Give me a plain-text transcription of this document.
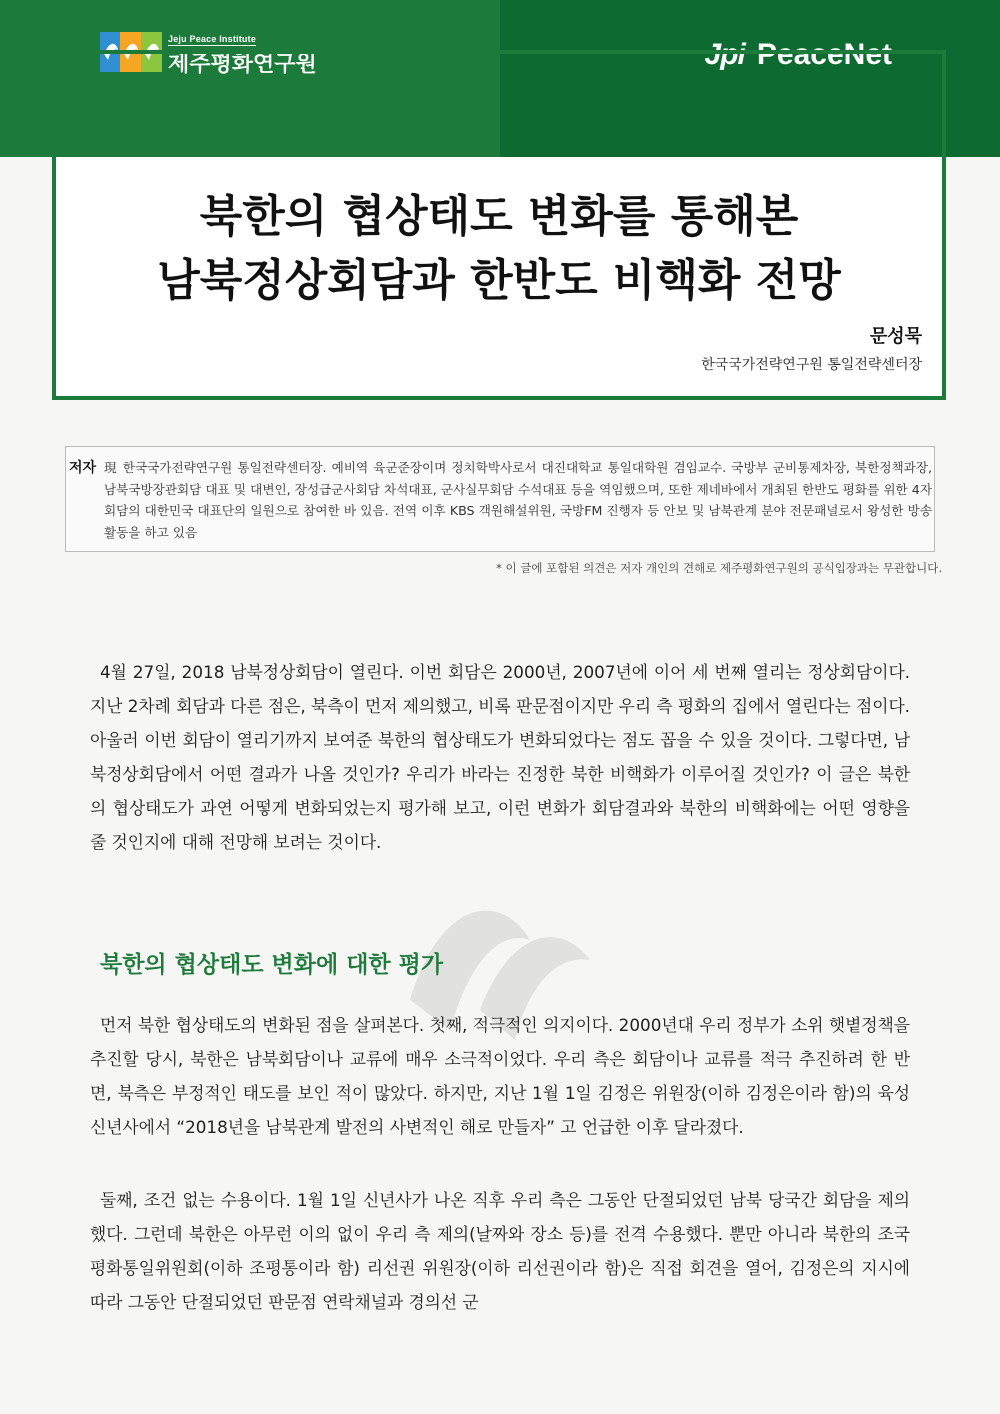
Jeju Peace Institute
제주평화연구원	Jpi PeaceNet
북한의 협상태도 변화를 통해본
남북정상회담과 한반도 비핵화 전망
문성묵
한국국가전략연구원 통일전략센터장
저자 現 한국국가전략연구원 통일전략센터장. 예비역 육군준장이며 정치학박사로서 대진대학교 통일대학원 겸임교수. 국방부 군비통제차장, 북한정책과장, 남북국방장관회담 대표 및 대변인, 장성급군사회담 차석대표, 군사실무회담 수석대표 등을 역임했으며, 또한 제네바에서 개최된 한반도 평화를 위한 4자회담의 대한민국 대표단의 일원으로 참여한 바 있음. 전역 이후 KBS 객원해설위원, 국방FM 진행자 등 안보 및 남북관계 분야 전문패널로서 왕성한 방송활동을 하고 있음
* 이 글에 포함된 의견은 저자 개인의 견해로 제주평화연구원의 공식입장과는 무관합니다.
4월 27일, 2018 남북정상회담이 열린다. 이번 회담은 2000년, 2007년에 이어 세 번째 열리는 정상회담이다. 지난 2차례 회담과 다른 점은, 북측이 먼저 제의했고, 비록 판문점이지만 우리 측 평화의 집에서 열린다는 점이다. 아울러 이번 회담이 열리기까지 보여준 북한의 협상태도가 변화되었다는 점도 꼽을 수 있을 것이다. 그렇다면, 남북정상회담에서 어떤 결과가 나올 것인가? 우리가 바라는 진정한 북한 비핵화가 이루어질 것인가? 이 글은 북한의 협상태도가 과연 어떻게 변화되었는지 평가해 보고, 이런 변화가 회담결과와 북한의 비핵화에는 어떤 영향을 줄 것인지에 대해 전망해 보려는 것이다.
북한의 협상태도 변화에 대한 평가
먼저 북한 협상태도의 변화된 점을 살펴본다. 첫째, 적극적인 의지이다. 2000년대 우리 정부가 소위 햇볕정책을 추진할 당시, 북한은 남북회담이나 교류에 매우 소극적이었다. 우리 측은 회담이나 교류를 적극 추진하려 한 반면, 북측은 부정적인 태도를 보인 적이 많았다. 하지만, 지난 1월 1일 김정은 위원장(이하 김정은이라 함)의 육성신년사에서 “2018년을 남북관계 발전의 사변적인 해로 만들자” 고 언급한 이후 달라졌다.
둘째, 조건 없는 수용이다. 1월 1일 신년사가 나온 직후 우리 측은 그동안 단절되었던 남북 당국간 회담을 제의했다. 그런데 북한은 아무런 이의 없이 우리 측 제의(날짜와 장소 등)를 전격 수용했다. 뿐만 아니라 북한의 조국평화통일위원회(이하 조평통이라 함) 리선권 위원장(이하 리선권이라 함)은 직접 회견을 열어, 김정은의 지시에 따라 그동안 단절되었던 판문점 연락채널과 경의선 군
